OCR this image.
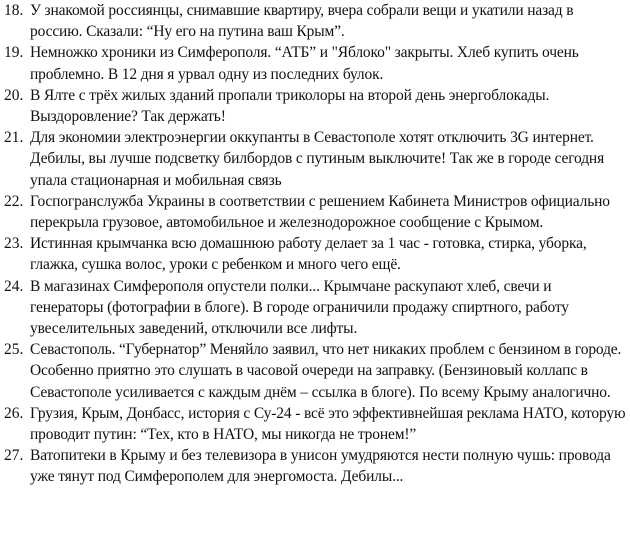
18. У знакомой россиянцы, снимавшие квартиру, вчера собрали вещи и укатили назад в россию. Сказали: “Ну его на путина ваш Крым”.
19. Немножко хроники из Симферополя. “АТБ” и "Яблоко" закрыты. Хлеб купить очень проблемно. В 12 дня я урвал одну из последних булок.
20. В Ялте с трёх жилых зданий пропали триколоры на второй день энергоблокады. Выздоровление? Так держать!
21. Для экономии электроэнергии оккупанты в Севастополе хотят отключить 3G интернет. Дебилы, вы лучше подсветку билбордов с путиным выключите! Так же в городе сегодня упала стационарная и мобильная связь
22. Госпогранслужба Украины в соответствии с решением Кабинета Министров официально перекрыла грузовое, автомобильное и железнодорожное сообщение с Крымом.
23. Истинная крымчанка всю домашнюю работу делает за 1 час - готовка, стирка, уборка, глажка, сушка волос, уроки с ребенком и много чего ещё.
24. В магазинах Симферополя опустели полки... Крымчане раскупают хлеб, свечи и генераторы (фотографии в блоге). В городе ограничили продажу спиртного, работу увеселительных заведений, отключили все лифты.
25. Севастополь. “Губернатор” Меняйло заявил, что нет никаких проблем с бензином в городе. Особенно приятно это слушать в часовой очереди на заправку. (Бензиновый коллапс в Севастополе усиливается с каждым днём – ссылка в блоге). По всему Крыму аналогично.
26. Грузия, Крым, Донбасс, история с Су-24 - всё это эффективнейшая реклама НАТО, которую проводит путин: “Тех, кто в НАТО, мы никогда не тронем!”
27. Ватопитеки в Крыму и без телевизора в унисон умудряются нести полную чушь: провода уже тянут под Симферополем для энергомоста. Дебилы...
